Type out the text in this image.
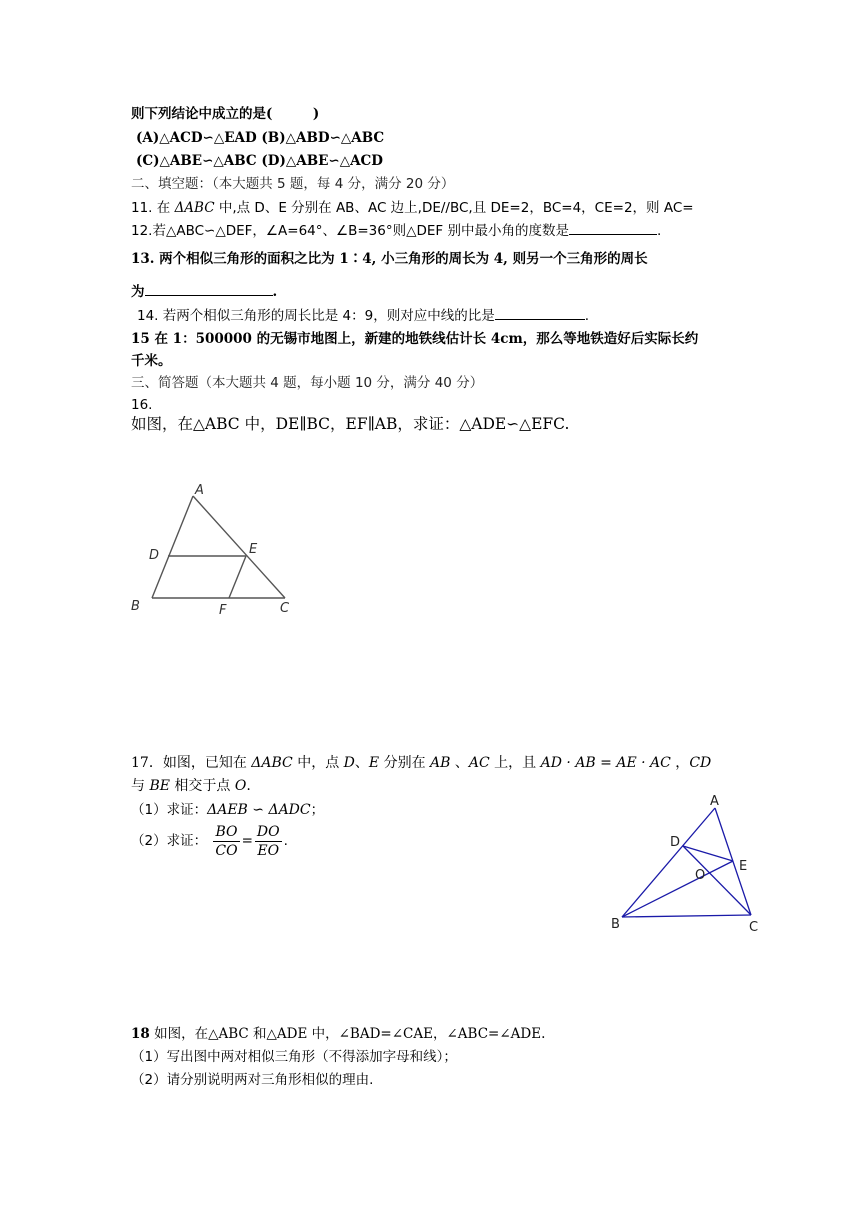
则下列结论中成立的是(　　　)
(A)△ACD∽△EAD (B)△ABD∽△ABC
(C)△ABE∽△ABC (D)△ABE∽△ACD
二、填空题：（本大题共 5 题，每 4 分，满分 20 分）
11. 在 ΔABC 中,点 D、E 分别在 AB、AC 边上,DE//BC,且 DE=2，BC=4，CE=2，则 AC=
12.若△ABC∽△DEF，∠A=64°、∠B=36°则△DEF 别中最小角的度数是	.
13. 两个相似三角形的面积之比为 1∶4, 小三角形的周长为 4, 则另一个三角形的周长
为	.
14. 若两个相似三角形的周长比是 4：9，则对应中线的比是	.
15 在 1：500000 的无锡市地图上，新建的地铁线估计长 4cm，那么等地铁造好后实际长约
千米。
三、简答题（本大题共 4 题，每小题 10 分，满分 40 分）
16.
如图，在△ABC 中，DE∥BC，EF∥AB，求证：△ADE∽△EFC.
A
D	E
B	F	C
17．如图，已知在 ΔABC 中，点 D、E 分别在 AB 、AC 上，且 AD · AB = AE · AC ，CD
与 BE 相交于点 O.
（1）求证：ΔAEB ∽ ΔADC；
（2）求证： $\frac{BO}{CO} = \frac{DO}{EO}$ .
A
D
E
O
B	C
18 如图，在△ABC 和△ADE 中，∠BAD=∠CAE，∠ABC=∠ADE.
（1）写出图中两对相似三角形（不得添加字母和线）；
（2）请分别说明两对三角形相似的理由.
